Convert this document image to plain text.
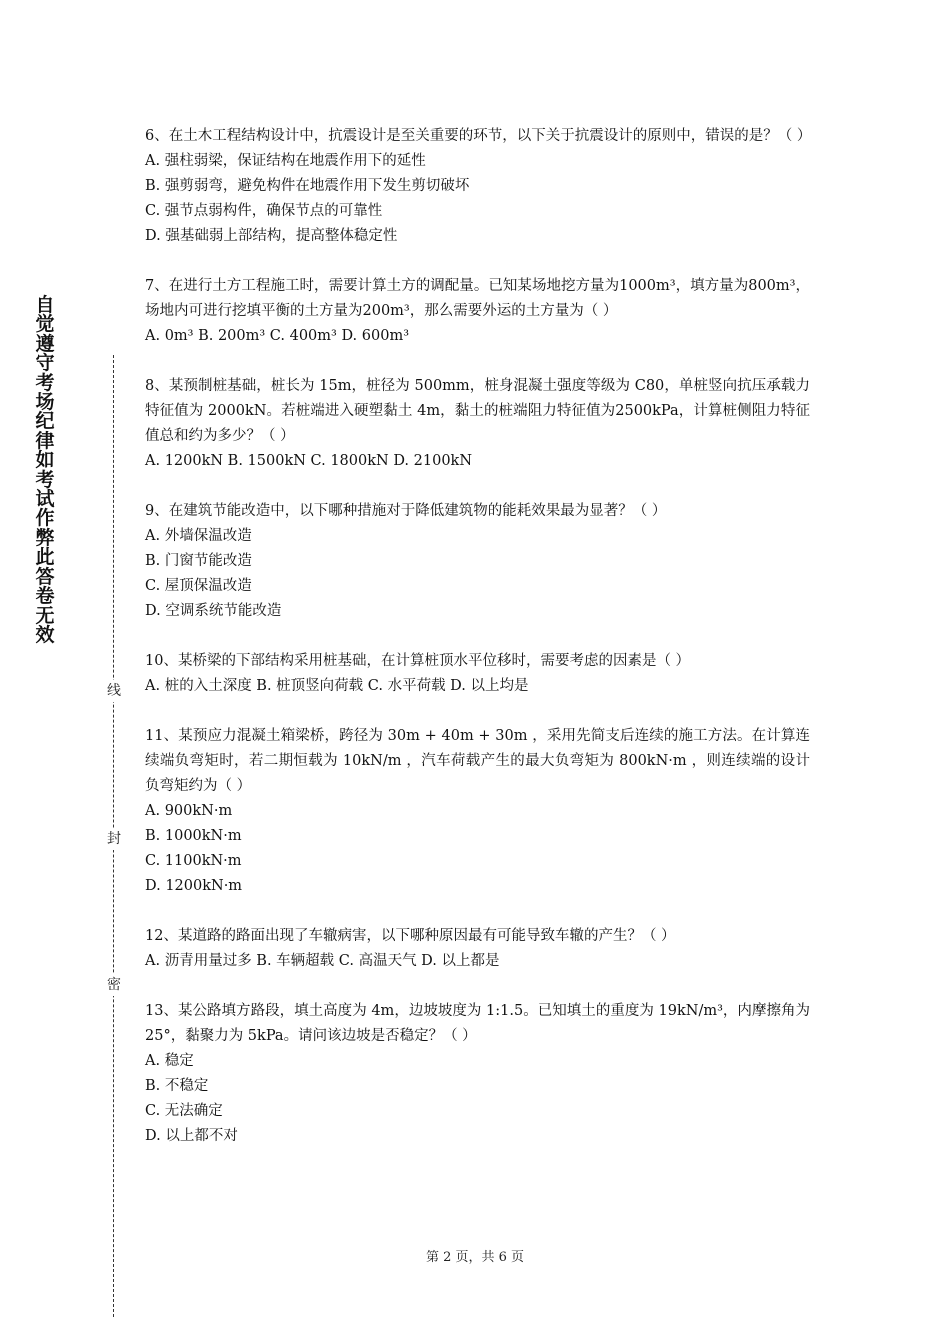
自觉遵守考场纪律如考试作弊此答卷无效
线
封
密
6、在土木工程结构设计中，抗震设计是至关重要的环节，以下关于抗震设计的原则中，错误的是？（ ）
A. 强柱弱梁，保证结构在地震作用下的延性
B. 强剪弱弯，避免构件在地震作用下发生剪切破坏
C. 强节点弱构件，确保节点的可靠性
D. 强基础弱上部结构，提高整体稳定性
7、在进行土方工程施工时，需要计算土方的调配量。已知某场地挖方量为1000m³，填方量为800m³，场地内可进行挖填平衡的土方量为200m³，那么需要外运的土方量为（ ）
A. 0m³ B. 200m³ C. 400m³ D. 600m³
8、某预制桩基础，桩长为 15m，桩径为 500mm，桩身混凝土强度等级为 C80，单桩竖向抗压承载力特征值为 2000kN。若桩端进入硬塑黏土 4m，黏土的桩端阻力特征值为2500kPa，计算桩侧阻力特征值总和约为多少？（ ）
A. 1200kN B. 1500kN C. 1800kN D. 2100kN
9、在建筑节能改造中，以下哪种措施对于降低建筑物的能耗效果最为显著？（ ）
A. 外墙保温改造
B. 门窗节能改造
C. 屋顶保温改造
D. 空调系统节能改造
10、某桥梁的下部结构采用桩基础，在计算桩顶水平位移时，需要考虑的因素是（ ）
A. 桩的入土深度 B. 桩顶竖向荷载 C. 水平荷载 D. 以上均是
11、某预应力混凝土箱梁桥，跨径为 30m + 40m + 30m ，采用先简支后连续的施工方法。在计算连续端负弯矩时，若二期恒载为 10kN/m ，汽车荷载产生的最大负弯矩为 800kN·m ，则连续端的设计负弯矩约为（ ）
A. 900kN·m
B. 1000kN·m
C. 1100kN·m
D. 1200kN·m
12、某道路的路面出现了车辙病害，以下哪种原因最有可能导致车辙的产生？（ ）
A. 沥青用量过多 B. 车辆超载 C. 高温天气 D. 以上都是
13、某公路填方路段，填土高度为 4m，边坡坡度为 1:1.5。已知填土的重度为 19kN/m³，内摩擦角为 25°，黏聚力为 5kPa。请问该边坡是否稳定？（ ）
A. 稳定
B. 不稳定
C. 无法确定
D. 以上都不对
第 2 页，共 6 页
